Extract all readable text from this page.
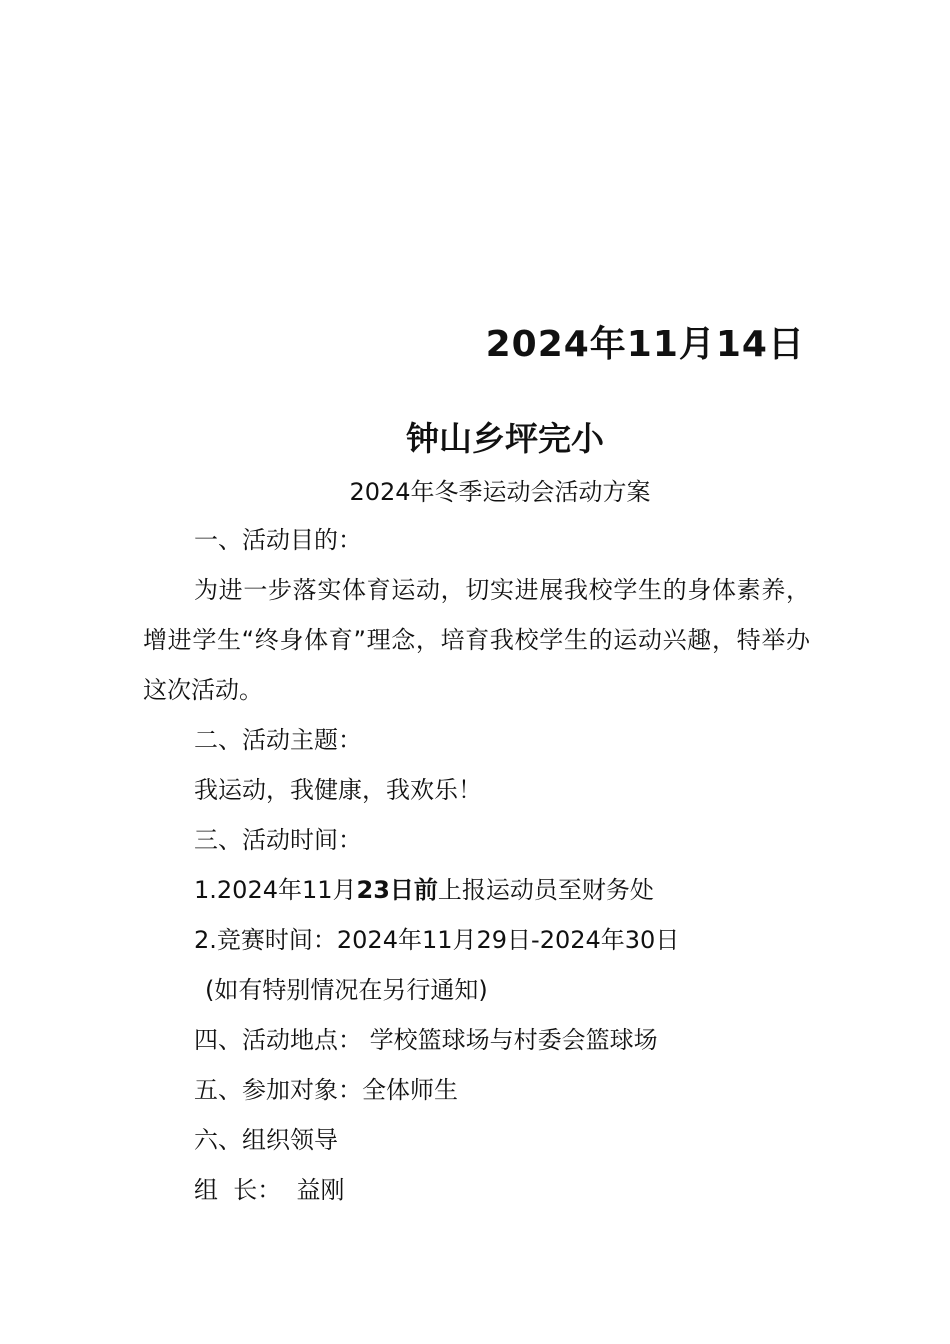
2024年11月14日
钟山乡坪完小
2024年冬季运动会活动方案
一、活动目的：
为进一步落实体育运动，切实进展我校学生的身体素养，增进学生“终身体育”理念，培育我校学生的运动兴趣，特举办这次活动。
二、活动主题：
我运动，我健康，我欢乐！
三、活动时间：
1.2024年11月23日前上报运动员至财务处
2.竞赛时间：2024年11月29日-2024年30日
(如有特别情况在另行通知)
四、活动地点： 学校篮球场与村委会篮球场
五、参加对象：全体师生
六、组织领导
组  长：  益刚
